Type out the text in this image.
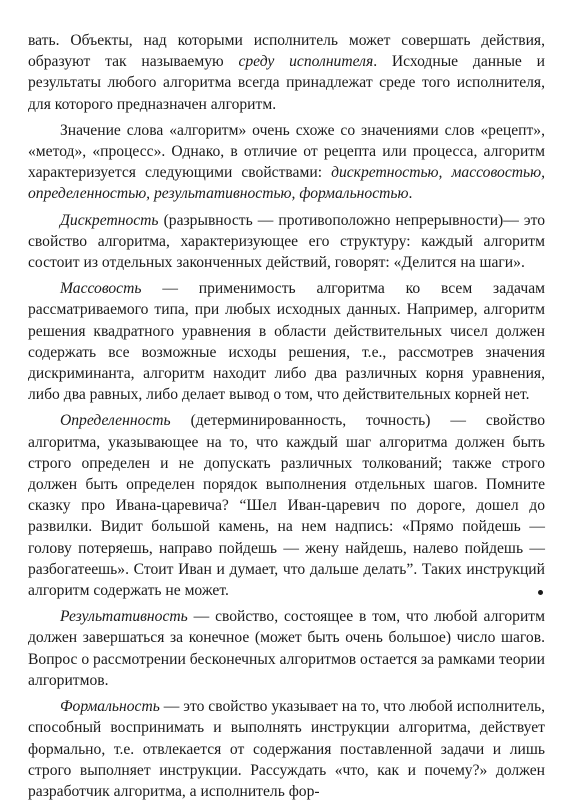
вать. Объекты, над которыми исполнитель может совершать действия, образуют так называемую среду исполнителя. Исходные данные и результаты любого алгоритма всегда принадлежат среде того исполнителя, для которого предназначен алгоритм.

Значение слова «алгоритм» очень схоже со значениями слов «рецепт», «метод», «процесс». Однако, в отличие от рецепта или процесса, алгоритм характеризуется следующими свойствами: дискретностью, массовостью, определенностью, результативностью, формальностью.

Дискретность (разрывность — противоположно непрерывности)— это свойство алгоритма, характеризующее его структуру: каждый алгоритм состоит из отдельных законченных действий, говорят: «Делится на шаги».

Массовость — применимость алгоритма ко всем задачам рассматриваемого типа, при любых исходных данных. Например, алгоритм решения квадратного уравнения в области действительных чисел должен содержать все возможные исходы решения, т.е., рассмотрев значения дискриминанта, алгоритм находит либо два различных корня уравнения, либо два равных, либо делает вывод о том, что действительных корней нет.

Определенность (детерминированность, точность) — свойство алгоритма, указывающее на то, что каждый шаг алгоритма должен быть строго определен и не допускать различных толкований; также строго должен быть определен порядок выполнения отдельных шагов. Помните сказку про Ивана-царевича? “Шел Иван-царевич по дороге, дошел до развилки. Видит большой камень, на нем надпись: «Прямо пойдешь — голову потеряешь, направо пойдешь — жену найдешь, налево пойдешь — разбогатеешь». Стоит Иван и думает, что дальше делать”. Таких инструкций алгоритм содержать не может.

Результативность — свойство, состоящее в том, что любой алгоритм должен завершаться за конечное (может быть очень большое) число шагов. Вопрос о рассмотрении бесконечных алгоритмов остается за рамками теории алгоритмов.

Формальность — это свойство указывает на то, что любой исполнитель, способный воспринимать и выполнять инструкции алгоритма, действует формально, т.е. отвлекается от содержания поставленной задачи и лишь строго выполняет инструкции. Рассуждать «что, как и почему?» должен разработчик алгоритма, а исполнитель фор-
